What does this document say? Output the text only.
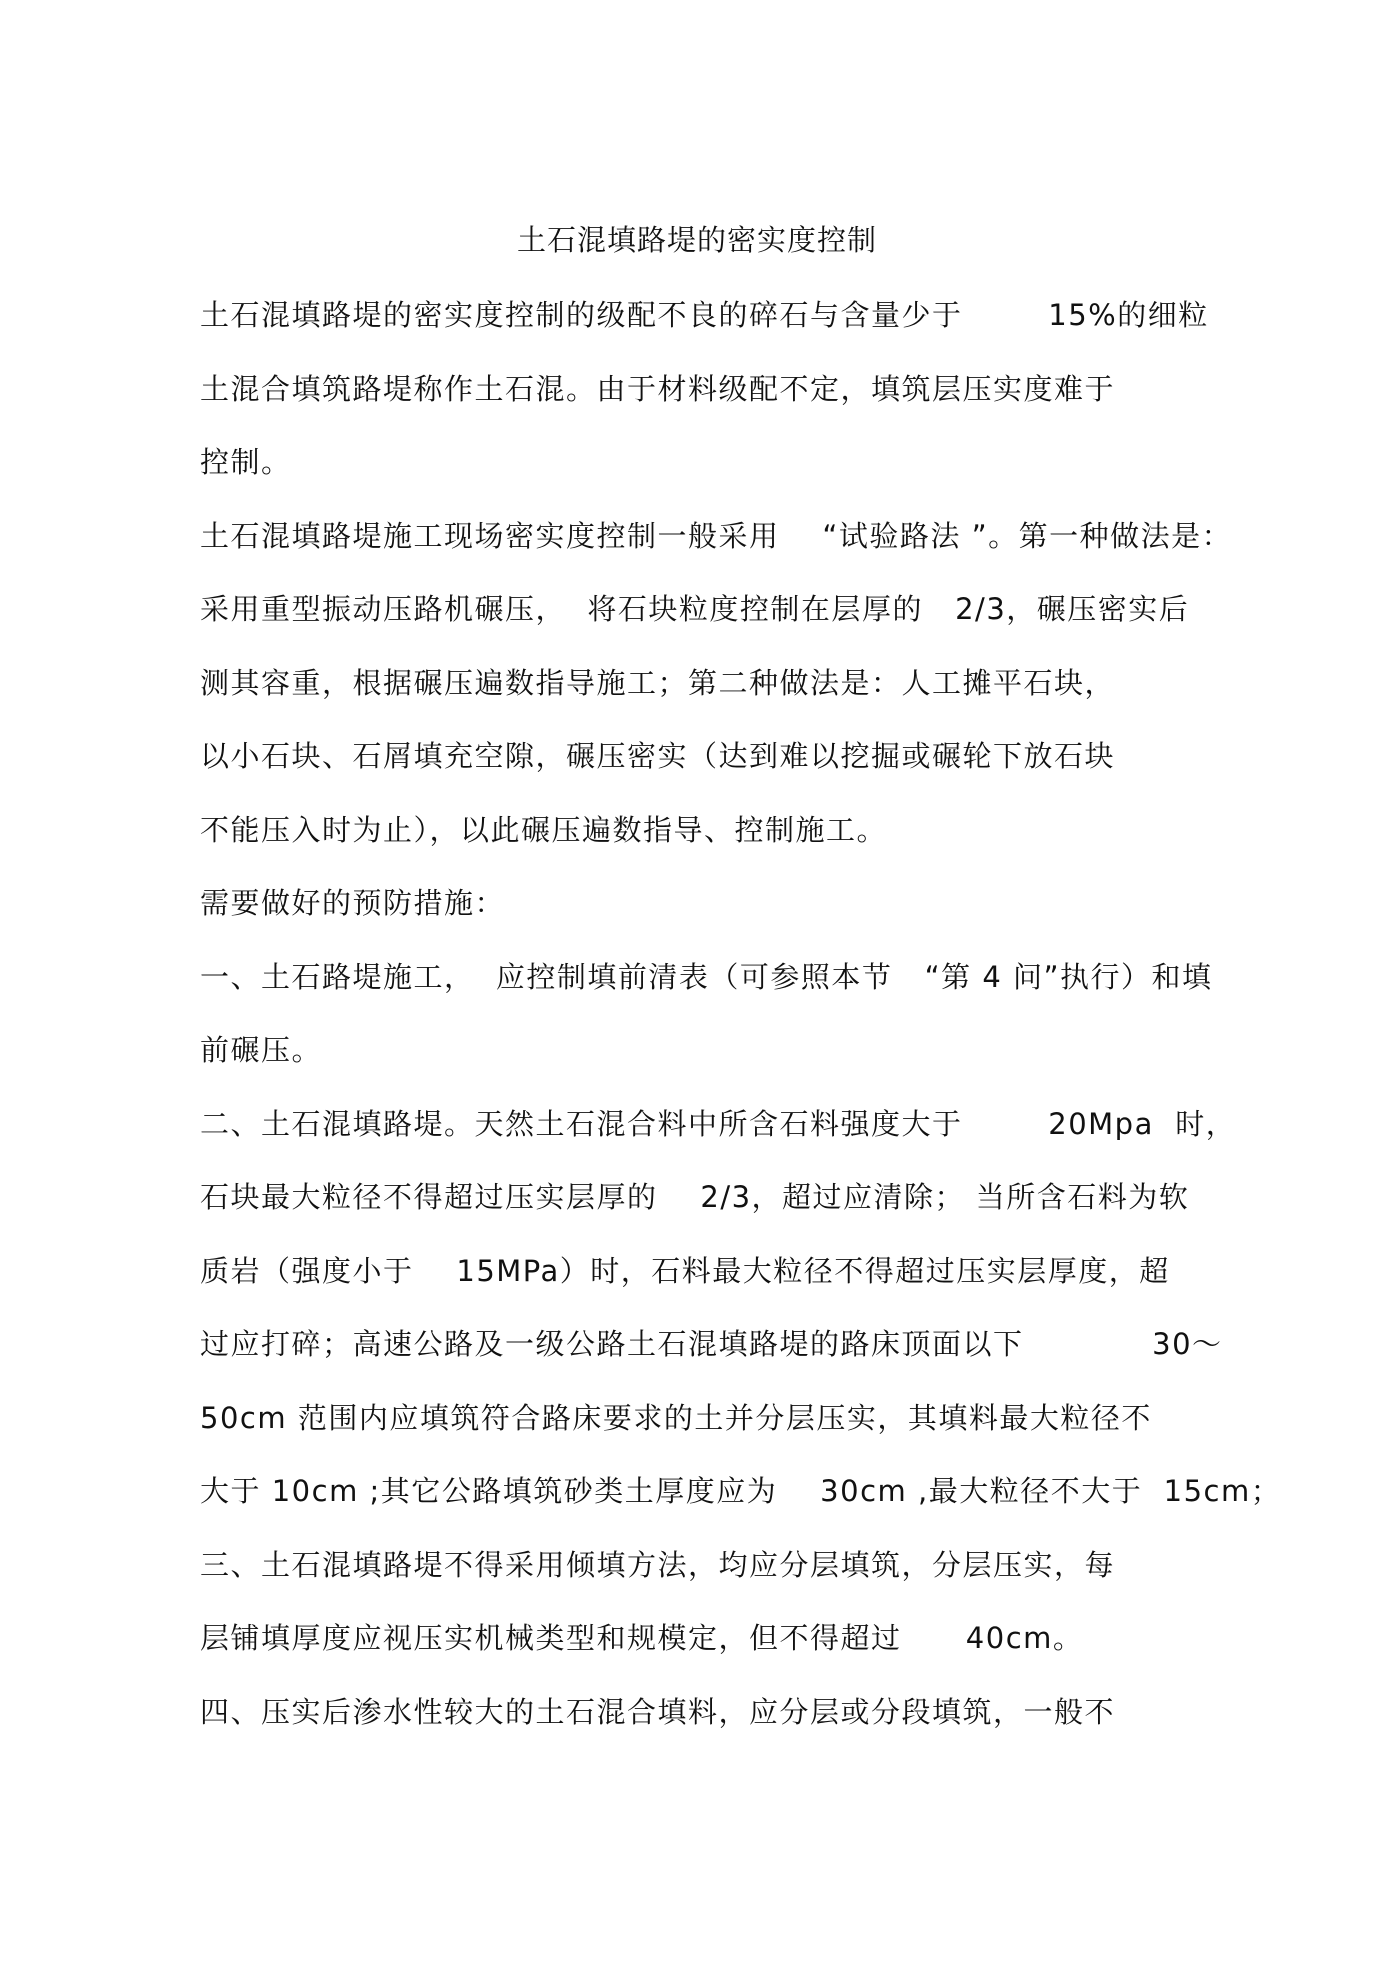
土石混填路堤的密实度控制
土石混填路堤的密实度控制的级配不良的碎石与含量少于        15%的细粒
土混合填筑路堤称作土石混。由于材料级配不定，填筑层压实度难于
控制。
土石混填路堤施工现场密实度控制一般采用    “试验路法 ”。第一种做法是：
采用重型振动压路机碾压，  将石块粒度控制在层厚的   2/3，碾压密实后
测其容重，根据碾压遍数指导施工；第二种做法是：人工摊平石块，
以小石块、石屑填充空隙，碾压密实（达到难以挖掘或碾轮下放石块
不能压入时为止），以此碾压遍数指导、控制施工。
需要做好的预防措施：
一、土石路堤施工，  应控制填前清表（可参照本节   “第 4 问”执行）和填
前碾压。
二、土石混填路堤。天然土石混合料中所含石料强度大于        20Mpa  时，
石块最大粒径不得超过压实层厚的    2/3，超过应清除； 当所含石料为软
质岩（强度小于    15MPa）时，石料最大粒径不得超过压实层厚度，超
过应打碎；高速公路及一级公路土石混填路堤的路床顶面以下            30～
50cm 范围内应填筑符合路床要求的土并分层压实，其填料最大粒径不
大于 10cm ;其它公路填筑砂类土厚度应为    30cm ,最大粒径不大于  15cm；
三、土石混填路堤不得采用倾填方法，均应分层填筑，分层压实，每
层铺填厚度应视压实机械类型和规模定，但不得超过      40cm。
四、压实后渗水性较大的土石混合填料，应分层或分段填筑，一般不
